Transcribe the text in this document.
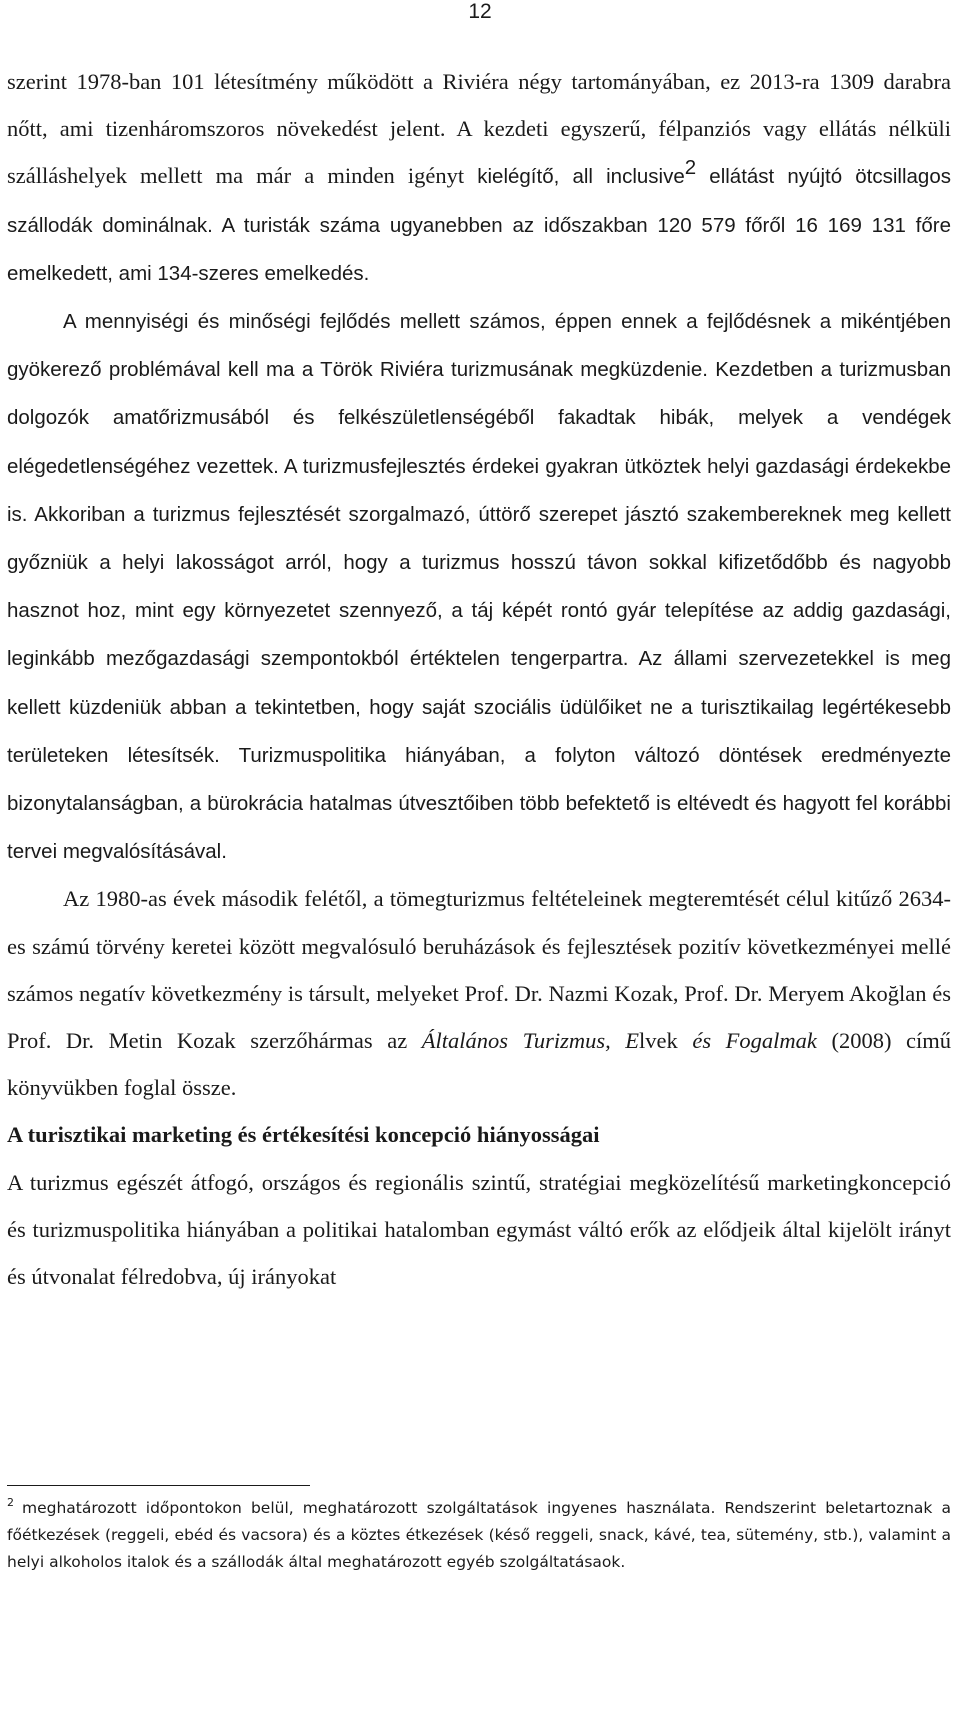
12

szerint 1978-ban 101 létesítmény működött a Riviéra négy tartományában, ez 2013-ra 1309 darabra nőtt, ami tizenháromszoros növekedést jelent. A kezdeti egyszerű, félpanziós vagy ellátás nélküli szálláshelyek mellett ma már a minden igényt kielégítő, all inclusive$^2$ ellátást nyújtó ötcsillagos szállodák dominálnak. A turisták száma ugyanebben az időszakban 120 579 főről 16 169 131 főre emelkedett, ami 134-szeres emelkedés.

A mennyiségi és minőségi fejlődés mellett számos, éppen ennek a fejlődésnek a mikéntjében gyökerező problémával kell ma a Török Riviéra turizmusának megküzdenie. Kezdetben a turizmusban dolgozók amatőrizmusából és felkészületlenségéből fakadtak hibák, melyek a vendégek elégedetlenségéhez vezettek. A turizmusfejlesztés érdekei gyakran ütköztek helyi gazdasági érdekekbe is. Akkoriban a turizmus fejlesztését szorgalmazó, úttörő szerepet jásztó szakembereknek meg kellett győzniük a helyi lakosságot arról, hogy a turizmus hosszú távon sokkal kifizetődőbb és nagyobb hasznot hoz, mint egy környezetet szennyező, a táj képét rontó gyár telepítése az addig gazdasági, leginkább mezőgazdasági szempontokból értéktelen tengerpartra. Az állami szervezetekkel is meg kellett küzdeniük abban a tekintetben, hogy saját szociális üdülőiket ne a turisztikailag legértékesebb területeken létesítsék. Turizmuspolitika hiányában, a folyton változó döntések eredményezte bizonytalanságban, a bürokrácia hatalmas útvesztőiben több befektető is eltévedt és hagyott fel korábbi tervei megvalósításával.

Az 1980-as évek második felétől, a tömegturizmus feltételeinek megteremtését célul kitűző 2634-es számú törvény keretei között megvalósuló beruházások és fejlesztések pozitív következményei mellé számos negatív következmény is társult, melyeket Prof. Dr. Nazmi Kozak, Prof. Dr. Meryem Akoğlan és Prof. Dr. Metin Kozak szerzőhármas az Általános Turizmus, Elvek és Fogalmak (2008) című könyvükben foglal össze.

A turisztikai marketing és értékesítési koncepció hiányosságai

A turizmus egészét átfogó, országos és regionális szintű, stratégiai megközelítésű marketingkoncepció és turizmuspolitika hiányában a politikai hatalomban egymást váltó erők az elődjeik által kijelölt irányt és útvonalat félredobva, új irányokat

$^2$ meghatározott időpontokon belül, meghatározott szolgáltatások ingyenes használata. Rendszerint beletartoznak a főétkezések (reggeli, ebéd és vacsora) és a köztes étkezések (késő reggeli, snack, kávé, tea, sütemény, stb.), valamint a helyi alkoholos italok és a szállodák által meghatározott egyéb szolgáltatásaok.
